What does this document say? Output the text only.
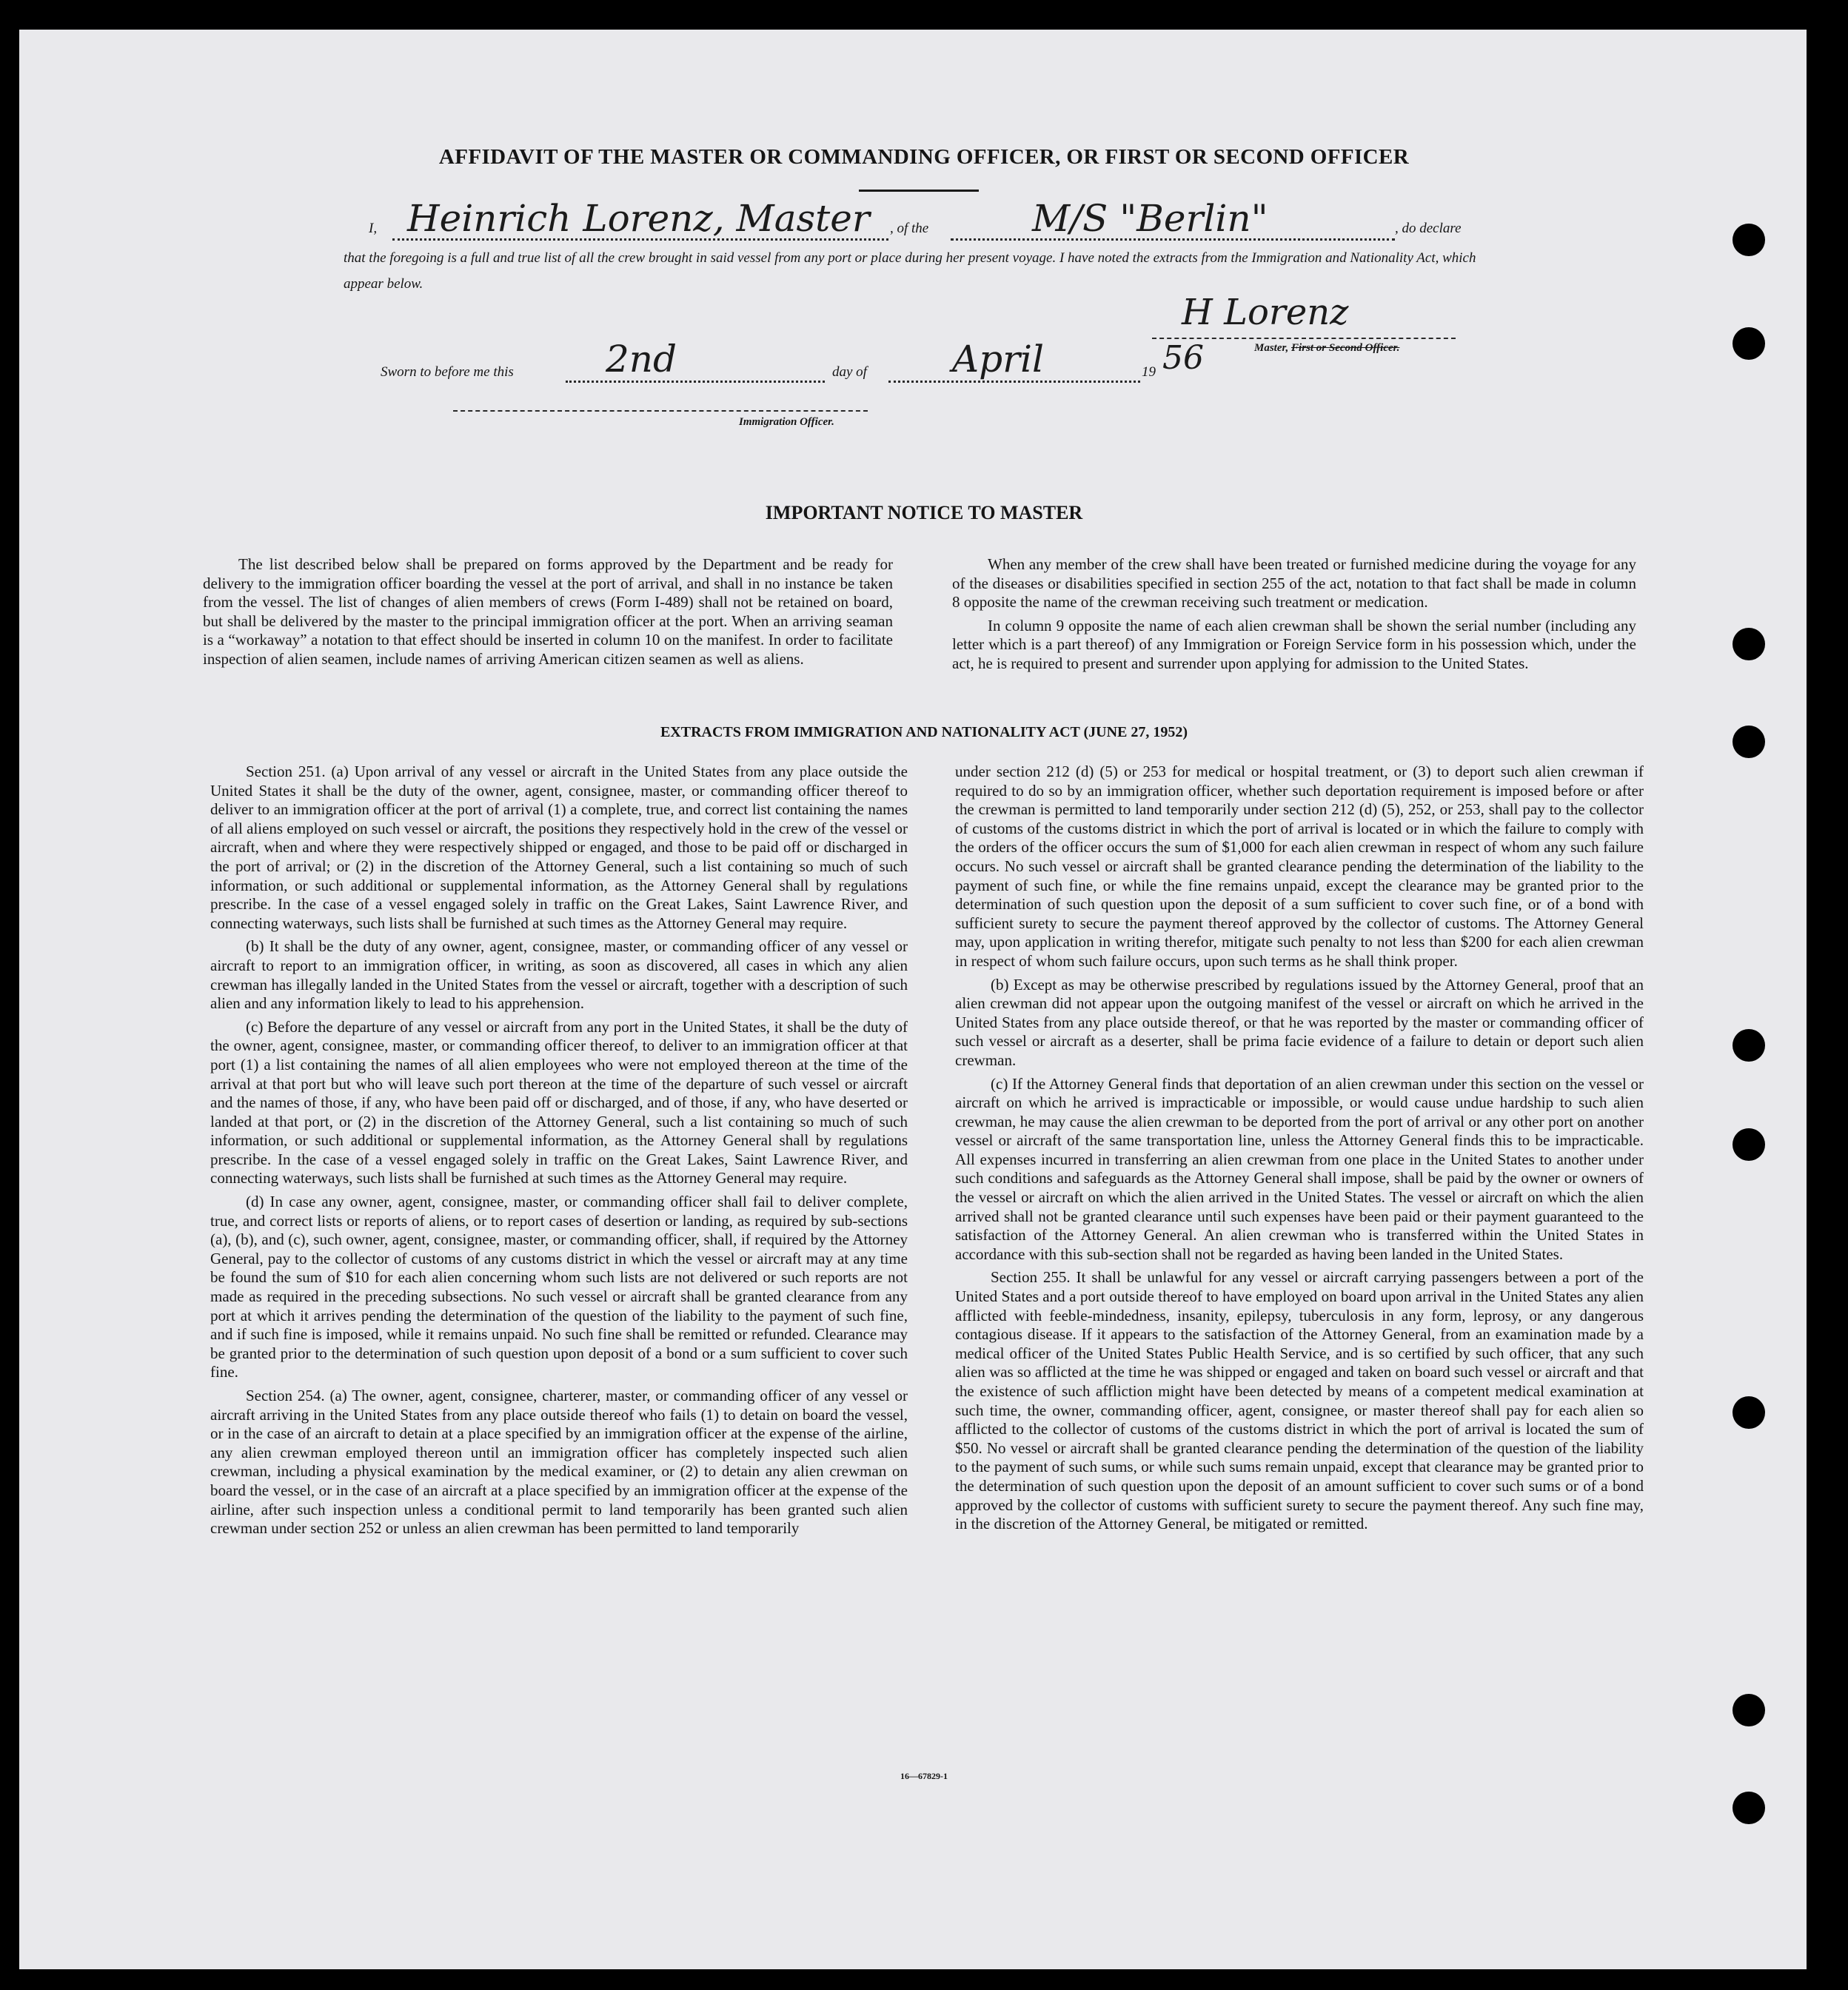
AFFIDAVIT OF THE MASTER OR COMMANDING OFFICER, OR FIRST OR SECOND OFFICER
I, Heinrich Lorenz, Master , of the	M/S "Berlin"	, do declare
that the foregoing is a full and true list of all the crew brought in said vessel from any port or place during her present voyage. I have noted the extracts from the Immigration and Nationality Act, which appear below.
H Lorenz
Master, First or Second Officer.
Sworn to before me this 2nd	day of April	19 56
Immigration Officer.
IMPORTANT NOTICE TO MASTER

The list described below shall be prepared on forms approved by the Department and be ready for delivery to the immigration officer boarding the vessel at the port of arrival, and shall in no instance be taken from the vessel. The list of changes of alien members of crews (Form I-489) shall not be retained on board, but shall be delivered by the master to the principal immigration officer at the port. When an arriving seaman is a “workaway” a notation to that effect should be inserted in column 10 on the manifest. In order to facilitate inspection of alien seamen, include names of arriving American citizen seamen as well as aliens.

When any member of the crew shall have been treated or furnished medicine during the voyage for any of the diseases or disabilities specified in section 255 of the act, notation to that fact shall be made in column 8 opposite the name of the crewman receiving such treatment or medication.

In column 9 opposite the name of each alien crewman shall be shown the serial number (including any letter which is a part thereof) of any Immigration or Foreign Service form in his possession which, under the act, he is required to present and surrender upon applying for admission to the United States.

EXTRACTS FROM IMMIGRATION AND NATIONALITY ACT (JUNE 27, 1952)

Section 251. (a) Upon arrival of any vessel or aircraft in the United States from any place outside the United States it shall be the duty of the owner, agent, consignee, master, or commanding officer thereof to deliver to an immigration officer at the port of arrival (1) a complete, true, and correct list containing the names of all aliens employed on such vessel or aircraft, the positions they respectively hold in the crew of the vessel or aircraft, when and where they were respectively shipped or engaged, and those to be paid off or discharged in the port of arrival; or (2) in the discretion of the Attorney General, such a list containing so much of such information, or such additional or supplemental information, as the Attorney General shall by regulations prescribe. In the case of a vessel engaged solely in traffic on the Great Lakes, Saint Lawrence River, and connecting waterways, such lists shall be furnished at such times as the Attorney General may require.

(b) It shall be the duty of any owner, agent, consignee, master, or commanding officer of any vessel or aircraft to report to an immigration officer, in writing, as soon as discovered, all cases in which any alien crewman has illegally landed in the United States from the vessel or aircraft, together with a description of such alien and any information likely to lead to his apprehension.

(c) Before the departure of any vessel or aircraft from any port in the United States, it shall be the duty of the owner, agent, consignee, master, or commanding officer thereof, to deliver to an immigration officer at that port (1) a list containing the names of all alien employees who were not employed thereon at the time of the arrival at that port but who will leave such port thereon at the time of the departure of such vessel or aircraft and the names of those, if any, who have been paid off or discharged, and of those, if any, who have deserted or landed at that port, or (2) in the discretion of the Attorney General, such a list containing so much of such information, or such additional or supplemental information, as the Attorney General shall by regulations prescribe. In the case of a vessel engaged solely in traffic on the Great Lakes, Saint Lawrence River, and connecting waterways, such lists shall be furnished at such times as the Attorney General may require.

(d) In case any owner, agent, consignee, master, or commanding officer shall fail to deliver complete, true, and correct lists or reports of aliens, or to report cases of desertion or landing, as required by sub-sections (a), (b), and (c), such owner, agent, consignee, master, or commanding officer, shall, if required by the Attorney General, pay to the collector of customs of any customs district in which the vessel or aircraft may at any time be found the sum of $10 for each alien concerning whom such lists are not delivered or such reports are not made as required in the preceding subsections. No such vessel or aircraft shall be granted clearance from any port at which it arrives pending the determination of the question of the liability to the payment of such fine, and if such fine is imposed, while it remains unpaid. No such fine shall be remitted or refunded. Clearance may be granted prior to the determination of such question upon deposit of a bond or a sum sufficient to cover such fine.

Section 254. (a) The owner, agent, consignee, charterer, master, or commanding officer of any vessel or aircraft arriving in the United States from any place outside thereof who fails (1) to detain on board the vessel, or in the case of an aircraft to detain at a place specified by an immigration officer at the expense of the airline, any alien crewman employed thereon until an immigration officer has completely inspected such alien crewman, including a physical examination by the medical examiner, or (2) to detain any alien crewman on board the vessel, or in the case of an aircraft at a place specified by an immigration officer at the expense of the airline, after such inspection unless a conditional permit to land temporarily has been granted such alien crewman under section 252 or unless an alien crewman has been permitted to land temporarily

under section 212 (d) (5) or 253 for medical or hospital treatment, or (3) to deport such alien crewman if required to do so by an immigration officer, whether such deportation requirement is imposed before or after the crewman is permitted to land temporarily under section 212 (d) (5), 252, or 253, shall pay to the collector of customs of the customs district in which the port of arrival is located or in which the failure to comply with the orders of the officer occurs the sum of $1,000 for each alien crewman in respect of whom any such failure occurs. No such vessel or aircraft shall be granted clearance pending the determination of the liability to the payment of such fine, or while the fine remains unpaid, except the clearance may be granted prior to the determination of such question upon the deposit of a sum sufficient to cover such fine, or of a bond with sufficient surety to secure the payment thereof approved by the collector of customs. The Attorney General may, upon application in writing therefor, mitigate such penalty to not less than $200 for each alien crewman in respect of whom such failure occurs, upon such terms as he shall think proper.

(b) Except as may be otherwise prescribed by regulations issued by the Attorney General, proof that an alien crewman did not appear upon the outgoing manifest of the vessel or aircraft on which he arrived in the United States from any place outside thereof, or that he was reported by the master or commanding officer of such vessel or aircraft as a deserter, shall be prima facie evidence of a failure to detain or deport such alien crewman.

(c) If the Attorney General finds that deportation of an alien crewman under this section on the vessel or aircraft on which he arrived is impracticable or impossible, or would cause undue hardship to such alien crewman, he may cause the alien crewman to be deported from the port of arrival or any other port on another vessel or aircraft of the same transportation line, unless the Attorney General finds this to be impracticable. All expenses incurred in transferring an alien crewman from one place in the United States to another under such conditions and safeguards as the Attorney General shall impose, shall be paid by the owner or owners of the vessel or aircraft on which the alien arrived in the United States. The vessel or aircraft on which the alien arrived shall not be granted clearance until such expenses have been paid or their payment guaranteed to the satisfaction of the Attorney General. An alien crewman who is transferred within the United States in accordance with this sub-section shall not be regarded as having been landed in the United States.

Section 255. It shall be unlawful for any vessel or aircraft carrying passengers between a port of the United States and a port outside thereof to have employed on board upon arrival in the United States any alien afflicted with feeble-mindedness, insanity, epilepsy, tuberculosis in any form, leprosy, or any dangerous contagious disease. If it appears to the satisfaction of the Attorney General, from an examination made by a medical officer of the United States Public Health Service, and is so certified by such officer, that any such alien was so afflicted at the time he was shipped or engaged and taken on board such vessel or aircraft and that the existence of such affliction might have been detected by means of a competent medical examination at such time, the owner, commanding officer, agent, consignee, or master thereof shall pay for each alien so afflicted to the collector of customs of the customs district in which the port of arrival is located the sum of $50. No vessel or aircraft shall be granted clearance pending the determination of the question of the liability to the payment of such sums, or while such sums remain unpaid, except that clearance may be granted prior to the determination of such question upon the deposit of an amount sufficient to cover such sums or of a bond approved by the collector of customs with sufficient surety to secure the payment thereof. Any such fine may, in the discretion of the Attorney General, be mitigated or remitted.

16—67829-1
